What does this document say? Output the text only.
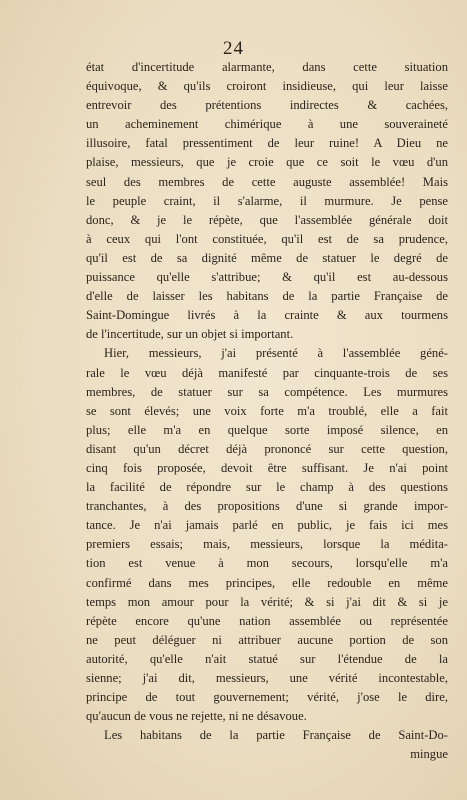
24
état d'incertitude alarmante, dans cette situation
équivoque, & qu'ils croiront insidieuse, qui leur laisse
entrevoir des prétentions indirectes & cachées,
un acheminement chimérique à une souveraineté
illusoire, fatal pressentiment de leur ruine! A Dieu ne
plaise, messieurs, que je croie que ce soit le vœu d'un
seul des membres de cette auguste assemblée! Mais
le peuple craint, il s'alarme, il murmure. Je pense
donc, & je le répète, que l'assemblée générale doit
à ceux qui l'ont constituée, qu'il est de sa prudence,
qu'il est de sa dignité même de statuer le degré de
puissance qu'elle s'attribue; & qu'il est au-dessous
d'elle de laisser les habitans de la partie Française de
Saint-Domingue livrés à la crainte & aux tourmens
de l'incertitude, sur un objet si important.
Hier, messieurs, j'ai présenté à l'assemblée géné-
rale le vœu déjà manifesté par cinquante-trois de ses
membres, de statuer sur sa compétence. Les murmures
se sont élevés; une voix forte m'a troublé, elle a fait
plus; elle m'a en quelque sorte imposé silence, en
disant qu'un décret déjà prononcé sur cette question,
cinq fois proposée, devoit être suffisant. Je n'ai point
la facilité de répondre sur le champ à des questions
tranchantes, à des propositions d'une si grande impor-
tance. Je n'ai jamais parlé en public, je fais ici mes
premiers essais; mais, messieurs, lorsque la médita-
tion est venue à mon secours, lorsqu'elle m'a
confirmé dans mes principes, elle redouble en même
temps mon amour pour la vérité; & si j'ai dit & si je
répète encore qu'une nation assemblée ou représentée
ne peut déléguer ni attribuer aucune portion de son
autorité, qu'elle n'ait statué sur l'étendue de la
sienne; j'ai dit, messieurs, une vérité incontestable,
principe de tout gouvernement; vérité, j'ose le dire,
qu'aucun de vous ne rejette, ni ne désavoue.
Les habitans de la partie Française de Saint-Do-
mingue
